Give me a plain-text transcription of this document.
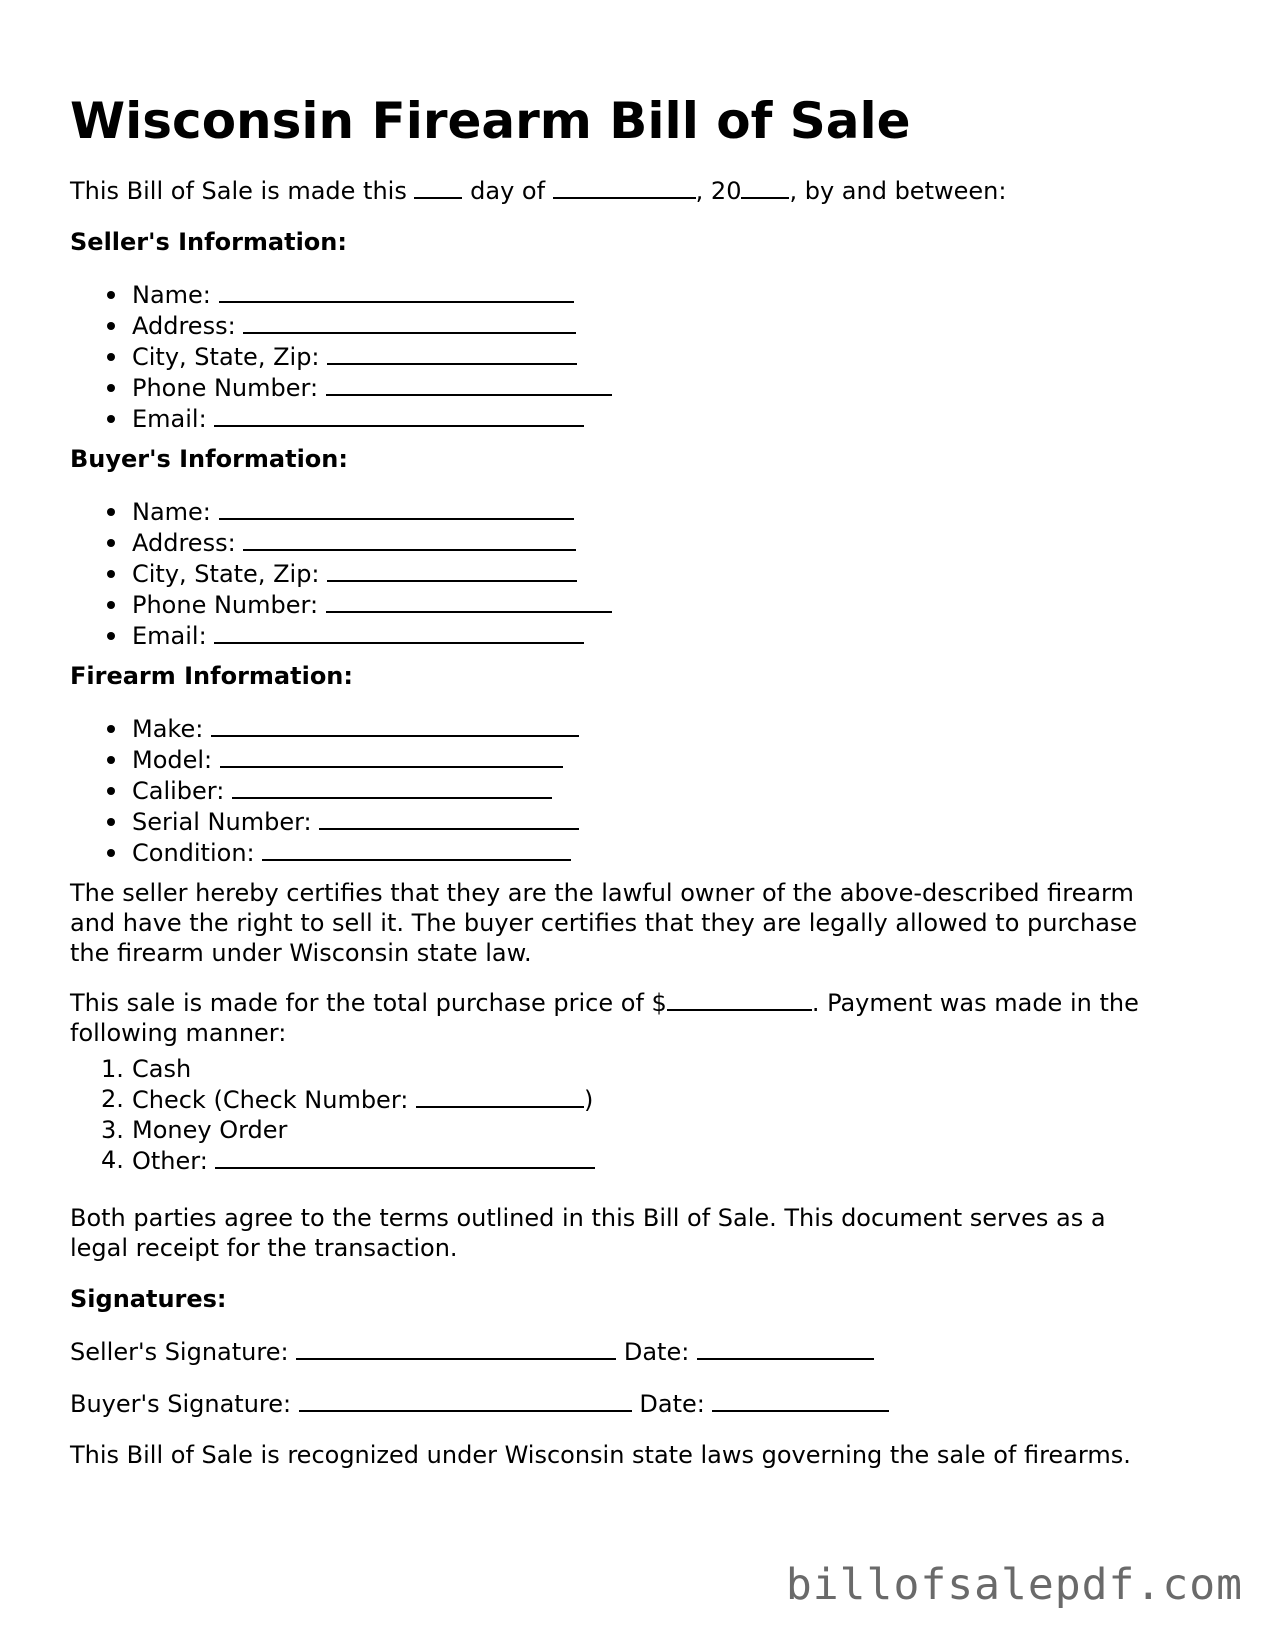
Wisconsin Firearm Bill of Sale

This Bill of Sale is made this	day of	, 20 , by and between:

Seller's Information:
Name:
Address:
City, State, Zip:
Phone Number:
Email:
Buyer's Information:
Name:
Address:
City, State, Zip:
Phone Number:
Email:
Firearm Information:
Make:
Model:
Caliber:
Serial Number:
Condition:

The seller hereby certifies that they are the lawful owner of the above-described firearm
and have the right to sell it. The buyer certifies that they are legally allowed to purchase
the firearm under Wisconsin state law.

This sale is made for the total purchase price of $	. Payment was made in the
following manner:

1. Cash
2. Check (Check Number:	)
3. Money Order
4. Other:

Both parties agree to the terms outlined in this Bill of Sale. This document serves as a
legal receipt for the transaction.

Signatures:

Seller's Signature:	Date:

Buyer's Signature:	Date:

This Bill of Sale is recognized under Wisconsin state laws governing the sale of firearms.

billofsalepdf.com
